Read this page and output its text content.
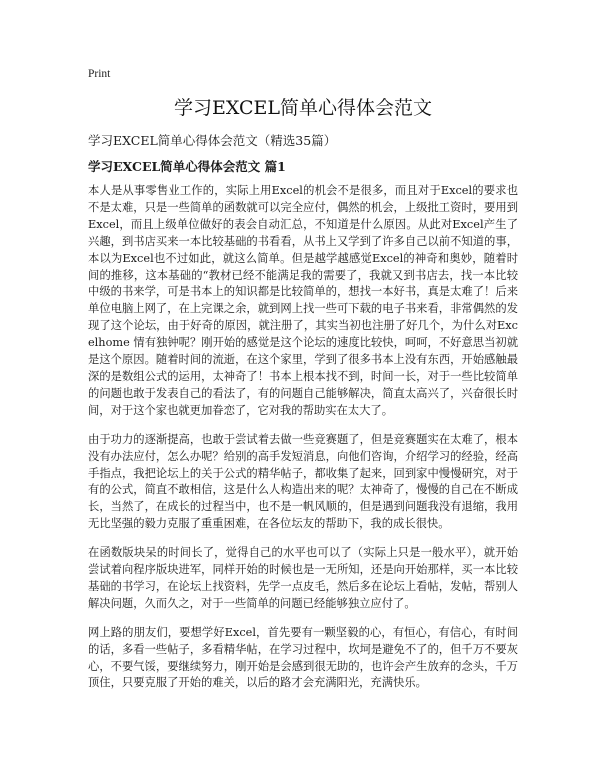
Print
学习EXCEL简单心得体会范文
学习EXCEL简单心得体会范文（精选35篇）
学习EXCEL简单心得体会范文 篇1

本人是从事零售业工作的，实际上用Excel的机会不是很多，而且对于Excel的要求也不是太难，只是一些简单的函数就可以完全应付，偶然的机会，上级批工资时，要用到Excel，而且上级单位做好的表会自动汇总，不知道是什么原因。从此对Excel产生了兴趣，到书店买来一本比较基础的书看看，从书上又学到了许多自己以前不知道的事，本以为Excel也不过如此，就这么简单。但是越学越感觉Excel的神奇和奥妙，随着时间的推移，这本基础的“教材已经不能满足我的需要了，我就又到书店去，找一本比较中级的书来学，可是书本上的知识都是比较简单的，想找一本好书，真是太难了！后来单位电脑上网了，在上完课之余，就到网上找一些可下载的电子书来看，非常偶然的发现了这个论坛，由于好奇的原因，就注册了，其实当初也注册了好几个，为什么对Excelhome 情有独钟呢？刚开始的感觉是这个论坛的速度比较快，呵呵，不好意思当初就是这个原因。随着时间的流逝，在这个家里，学到了很多书本上没有东西，开始感触最深的是数组公式的运用，太神奇了！书本上根本找不到，时间一长，对于一些比较简单的问题也敢于发表自己的看法了，有的问题自己能够解决，简直太高兴了，兴奋很长时间，对于这个家也就更加眷恋了，它对我的帮助实在太大了。

由于功力的逐渐提高，也敢于尝试着去做一些竞赛题了，但是竞赛题实在太难了，根本没有办法应付，怎么办呢？给别的高手发短消息，向他们咨询，介绍学习的经验，经高手指点，我把论坛上的关于公式的精华帖子，都收集了起来，回到家中慢慢研究，对于有的公式，简直不敢相信，这是什么人构造出来的呢？太神奇了，慢慢的自己在不断成长，当然了，在成长的过程当中，也不是一帆风顺的，但是遇到问题我没有退缩，我用无比坚强的毅力克服了重重困难，在各位坛友的帮助下，我的成长很快。

在函数版块呆的时间长了，觉得自己的水平也可以了（实际上只是一般水平），就开始尝试着向程序版块进军，同样开始的时候也是一无所知，还是向开始那样，买一本比较基础的书学习，在论坛上找资料，先学一点皮毛，然后多在论坛上看帖，发帖，帮别人解决问题，久而久之，对于一些简单的问题已经能够独立应付了。

网上路的朋友们，要想学好Excel，首先要有一颗坚毅的心，有恒心，有信心，有时间的话，多看一些帖子，多看精华帖，在学习过程中，坎坷是避免不了的，但千万不要灰心，不要气馁，要继续努力，刚开始是会感到很无助的，也许会产生放弃的念头，千万顶住，只要克服了开始的难关，以后的路才会充满阳光，充满快乐。
